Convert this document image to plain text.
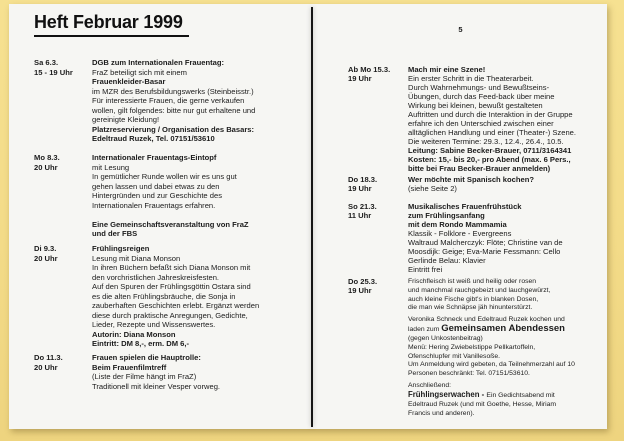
Heft Februar 1999
Sa 6.3.
15 - 19 Uhr
DGB zum Internationalen Frauentag:
FraZ beteiligt sich mit einem
Frauenkleider-Basar
im MZR des Berufsbildungswerks (Steinbeisstr.)
Für interessierte Frauen, die gerne verkaufen
wollen, gilt folgendes: bitte nur gut erhaltene und
gereinigte Kleidung!
Platzreservierung / Organisation des Basars:
Edeltraud Ruzek, Tel. 07151/53610
Mo 8.3.
20 Uhr
Internationaler Frauentags-Eintopf
mit Lesung
In gemütlicher Runde wollen wir es uns gut
gehen lassen und dabei etwas zu den
Hintergründen und zur Geschichte des
Internationalen Frauentags erfahren.

Eine Gemeinschaftsveranstaltung von FraZ
und der FBS
Di 9.3.
20 Uhr
Frühlingsreigen
Lesung mit Diana Monson
In ihren Büchern befaßt sich Diana Monson mit
den vorchristlichen Jahreskreisfesten.
Auf den Spuren der Frühlingsgöttin Ostara sind
es die alten Frühlingsbräuche, die Sonja in
zauberhaften Geschichten erlebt. Ergänzt werden
diese durch praktische Anregungen, Gedichte,
Lieder, Rezepte und Wissenswertes.
Autorin: Diana Monson
Eintritt: DM 8,-, erm. DM 6,-
Do 11.3.
20 Uhr
Frauen spielen die Hauptrolle:
Beim Frauenfilmtreff
(Liste der Filme hängt im FraZ)
Traditionell mit kleiner Vesper vorweg.
5
Ab Mo 15.3.
19 Uhr
Mach mir eine Szene!
Ein erster Schritt in die Theaterarbeit.
Durch Wahrnehmungs- und Bewußtseins-
Übungen, durch das Feed-back über meine
Wirkung bei kleinen, bewußt gestalteten
Auftritten und durch die Interaktion in der Gruppe
erfahre ich den Unterschied zwischen einer
alltäglichen Handlung und einer (Theater-) Szene.
Die weiteren Termine: 29.3., 12.4., 26.4., 10.5.
Leitung: Sabine Becker-Brauer, 0711/3164341
Kosten: 15,- bis 20,- pro Abend (max. 6 Pers.,
bitte bei Frau Becker-Brauer anmelden)
Do 18.3.
19 Uhr
Wer möchte mit Spanisch kochen?
(siehe Seite 2)
So 21.3.
11 Uhr
Musikalisches Frauenfrühstück
zum Frühlingsanfang
mit dem Rondo Mammamia
Klassik - Folklore - Evergreens
Waltraud Malcherczyk: Flöte; Christine van de
Moosdijk: Geige; Eva-Marie Fessmann: Cello
Gerlinde Belau: Klavier
Eintritt frei
Do 25.3.
19 Uhr
Frischfleisch ist weiß und heilig oder rosen
und manchmal rauchgebeizt und lauchgewürzt,
auch kleine Fische gibt's in blanken Dosen,
die man wie Schnäpse jäh hinunterstürzt.
Veronika Schneck und Edeltraud Ruzek kochen und
laden zum Gemeinsamen Abendessen
(gegen Unkostenbeitrag)
Menü: Hering Zwiebelstippe Pellkartoffeln,
Ofenschlupfer mit Vanillesoße.
Um Anmeldung wird gebeten, da Teilnehmerzahl auf 10
Personen beschränkt: Tel. 07151/53610.
Anschließend:
Frühlingserwachen - Ein Gedichtsabend mit
Edeltraud Ruzek (und mit Goethe, Hesse, Miriam
Francis und anderen).
